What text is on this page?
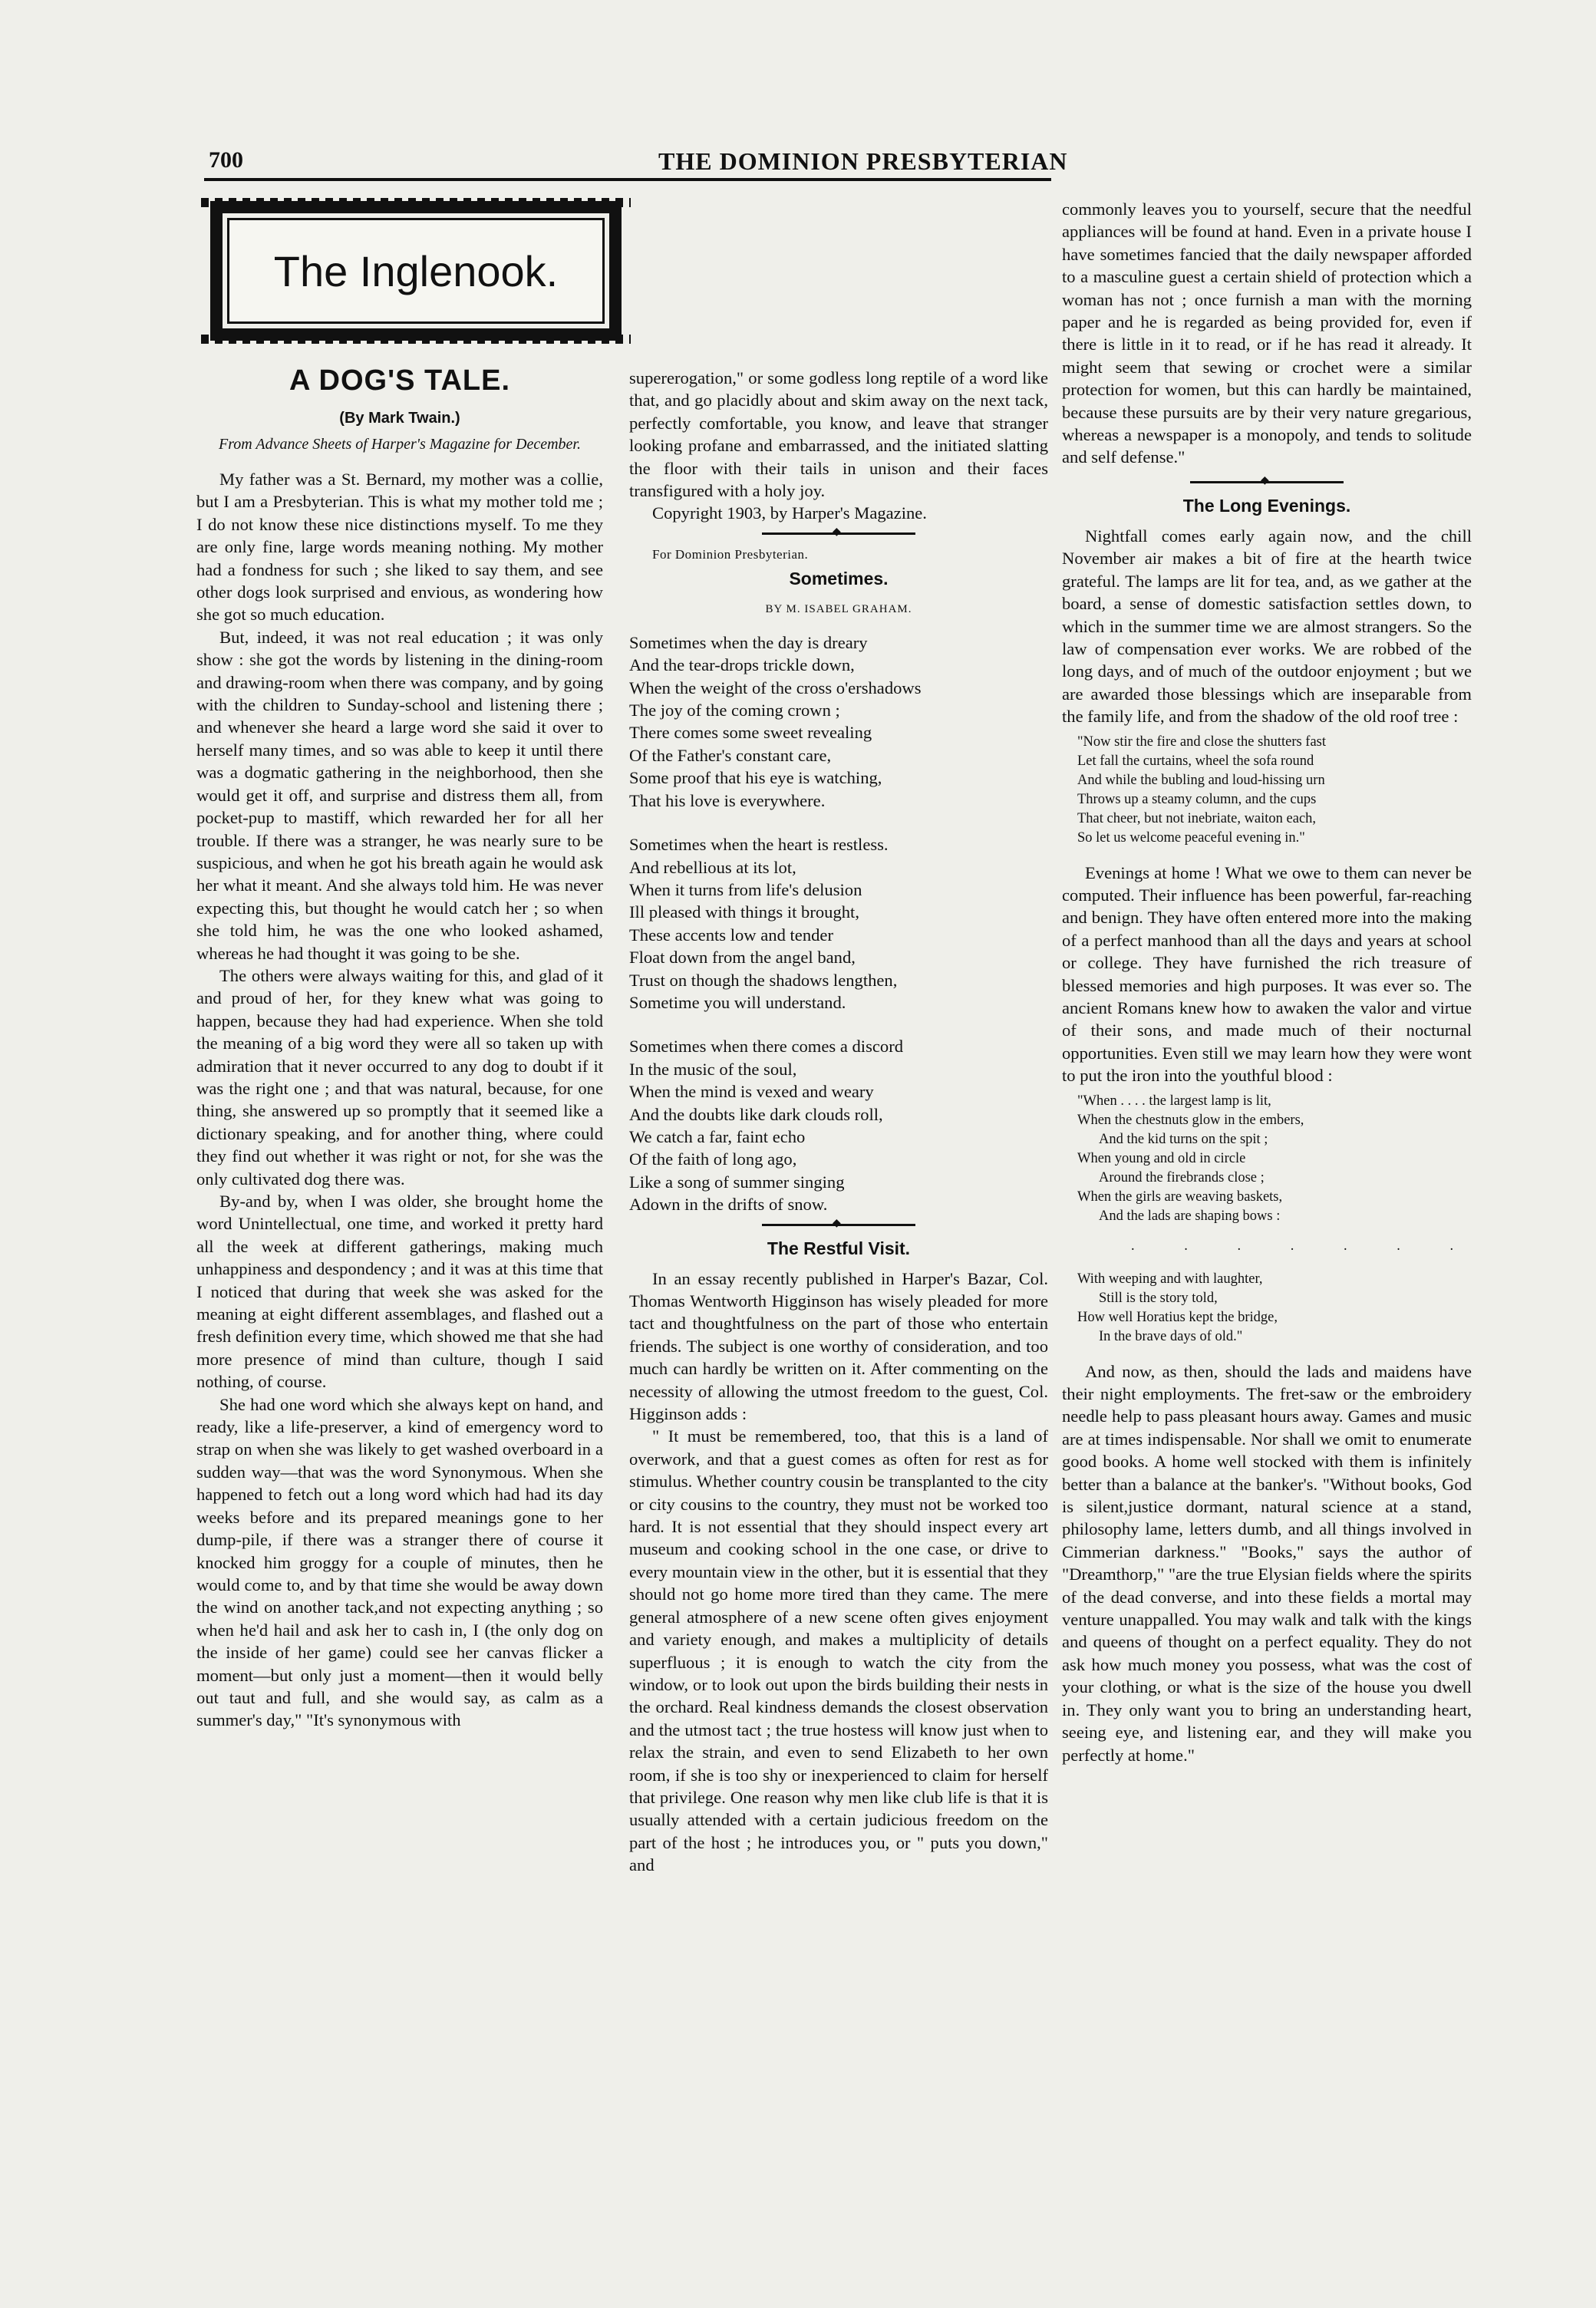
700	THE DOMINION PRESBYTERIAN
The Inglenook.
A DOG'S TALE.
(By Mark Twain.)
From Advance Sheets of Harper's Magazine for December.

My father was a St. Bernard, my mother was a collie, but I am a Presbyterian. This is what my mother told me ; I do not know these nice distinctions myself. To me they are only fine, large words meaning nothing. My mother had a fondness for such ; she liked to say them, and see other dogs look surprised and envious, as wondering how she got so much education.

But, indeed, it was not real education ; it was only show : she got the words by listening in the dining-room and drawing-room when there was company, and by going with the children to Sunday-school and listening there ; and whenever she heard a large word she said it over to herself many times, and so was able to keep it until there was a dogmatic gathering in the neighborhood, then she would get it off, and surprise and distress them all, from pocket-pup to mastiff, which rewarded her for all her trouble. If there was a stranger, he was nearly sure to be suspicious, and when he got his breath again he would ask her what it meant. And she always told him. He was never expecting this, but thought he would catch her ; so when she told him, he was the one who looked ashamed, whereas he had thought it was going to be she.

The others were always waiting for this, and glad of it and proud of her, for they knew what was going to happen, because they had had experience. When she told the meaning of a big word they were all so taken up with admiration that it never occurred to any dog to doubt if it was the right one ; and that was natural, because, for one thing, she answered up so promptly that it seemed like a dictionary speaking, and for another thing, where could they find out whether it was right or not, for she was the only cultivated dog there was.

By-and by, when I was older, she brought home the word Unintellectual, one time, and worked it pretty hard all the week at different gatherings, making much unhappiness and despondency ; and it was at this time that I noticed that during that week she was asked for the meaning at eight different assemblages, and flashed out a fresh definition every time, which showed me that she had more presence of mind than culture, though I said nothing, of course.

She had one word which she always kept on hand, and ready, like a life-preserver, a kind of emergency word to strap on when she was likely to get washed overboard in a sudden way—that was the word Synonymous. When she happened to fetch out a long word which had had its day weeks before and its prepared meanings gone to her dump-pile, if there was a stranger there of course it knocked him groggy for a couple of minutes, then he would come to, and by that time she would be away down the wind on another tack,and not expecting anything ; so when he'd hail and ask her to cash in, I (the only dog on the inside of her game) could see her canvas flicker a moment—but only just a moment—then it would belly out taut and full, and she would say, as calm as a summer's day," "It's synonymous with

supererogation," or some godless long reptile of a word like that, and go placidly about and skim away on the next tack, perfectly comfortable, you know, and leave that stranger looking profane and embarrassed, and the initiated slatting the floor with their tails in unison and their faces transfigured with a holy joy.

Copyright 1903, by Harper's Magazine.

◆

For Dominion Presbyterian.

Sometimes.
BY M. ISABEL GRAHAM.
Sometimes when the day is dreary
And the tear-drops trickle down,
When the weight of the cross o'ershadows
The joy of the coming crown ;
There comes some sweet revealing
Of the Father's constant care,
Some proof that his eye is watching,
That his love is everywhere.
Sometimes when the heart is restless.
And rebellious at its lot,
When it turns from life's delusion
Ill pleased with things it brought,
These accents low and tender
Float down from the angel band,
Trust on though the shadows lengthen,
Sometime you will understand.
Sometimes when there comes a discord
In the music of the soul,
When the mind is vexed and weary
And the doubts like dark clouds roll,
We catch a far, faint echo
Of the faith of long ago,
Like a song of summer singing
Adown in the drifts of snow.
◆
The Restful Visit.

In an essay recently published in Harper's Bazar, Col. Thomas Wentworth Higginson has wisely pleaded for more tact and thoughtfulness on the part of those who entertain friends. The subject is one worthy of consideration, and too much can hardly be written on it. After commenting on the necessity of allowing the utmost freedom to the guest, Col. Higginson adds :

" It must be remembered, too, that this is a land of overwork, and that a guest comes as often for rest as for stimulus. Whether country cousin be transplanted to the city or city cousins to the country, they must not be worked too hard. It is not essential that they should inspect every art museum and cooking school in the one case, or drive to every mountain view in the other, but it is essential that they should not go home more tired than they came. The mere general atmosphere of a new scene often gives enjoyment and variety enough, and makes a multiplicity of details superfluous ; it is enough to watch the city from the window, or to look out upon the birds building their nests in the orchard. Real kindness demands the closest observation and the utmost tact ; the true hostess will know just when to relax the strain, and even to send Elizabeth to her own room, if she is too shy or inexperienced to claim for herself that privilege. One reason why men like club life is that it is usually attended with a certain judicious freedom on the part of the host ; he introduces you, or " puts you down," and

commonly leaves you to yourself, secure that the needful appliances will be found at hand. Even in a private house I have sometimes fancied that the daily newspaper afforded to a masculine guest a certain shield of protection which a woman has not ; once furnish a man with the morning paper and he is regarded as being provided for, even if there is little in it to read, or if he has read it already. It might seem that sewing or crochet were a similar protection for women, but this can hardly be maintained, because these pursuits are by their very nature gregarious, whereas a newspaper is a monopoly, and tends to solitude and self defense."

◆
The Long Evenings.

Nightfall comes early again now, and the chill November air makes a bit of fire at the hearth twice grateful. The lamps are lit for tea, and, as we gather at the board, a sense of domestic satisfaction settles down, to which in the summer time we are almost strangers. So the law of compensation ever works. We are robbed of the long days, and of much of the outdoor enjoyment ; but we are awarded those blessings which are inseparable from the family life, and from the shadow of the old roof tree :

"Now stir the fire and close the shutters fast
Let fall the curtains, wheel the sofa round
And while the bubling and loud-hissing urn
Throws up a steamy column, and the cups
That cheer, but not inebriate, waiton each,
So let us welcome peaceful evening in."

Evenings at home ! What we owe to them can never be computed. Their influence has been powerful, far-reaching and benign. They have often entered more into the making of a perfect manhood than all the days and years at school or college. They have furnished the rich treasure of blessed memories and high purposes. It was ever so. The ancient Romans knew how to awaken the valor and virtue of their sons, and made much of their nocturnal opportunities. Even still we may learn how they were wont to put the iron into the youthful blood :

"When . . . . the largest lamp is lit,
When the chestnuts glow in the embers,
And the kid turns on the spit ;
When young and old in circle
Around the firebrands close ;
When the girls are weaving baskets,
And the lads are shaping bows :
. . . . . . .
With weeping and with laughter,
Still is the story told,
How well Horatius kept the bridge,
In the brave days of old."

And now, as then, should the lads and maidens have their night employments. The fret-saw or the embroidery needle help to pass pleasant hours away. Games and music are at times indispensable. Nor shall we omit to enumerate good books. A home well stocked with them is infinitely better than a balance at the banker's. "Without books, God is silent,justice dormant, natural science at a stand, philosophy lame, letters dumb, and all things involved in Cimmerian darkness." "Books," says the author of "Dreamthorp," "are the true Elysian fields where the spirits of the dead converse, and into these fields a mortal may venture unappalled. You may walk and talk with the kings and queens of thought on a perfect equality. They do not ask how much money you possess, what was the cost of your clothing, or what is the size of the house you dwell in. They only want you to bring an understanding heart, seeing eye, and listening ear, and they will make you perfectly at home."
